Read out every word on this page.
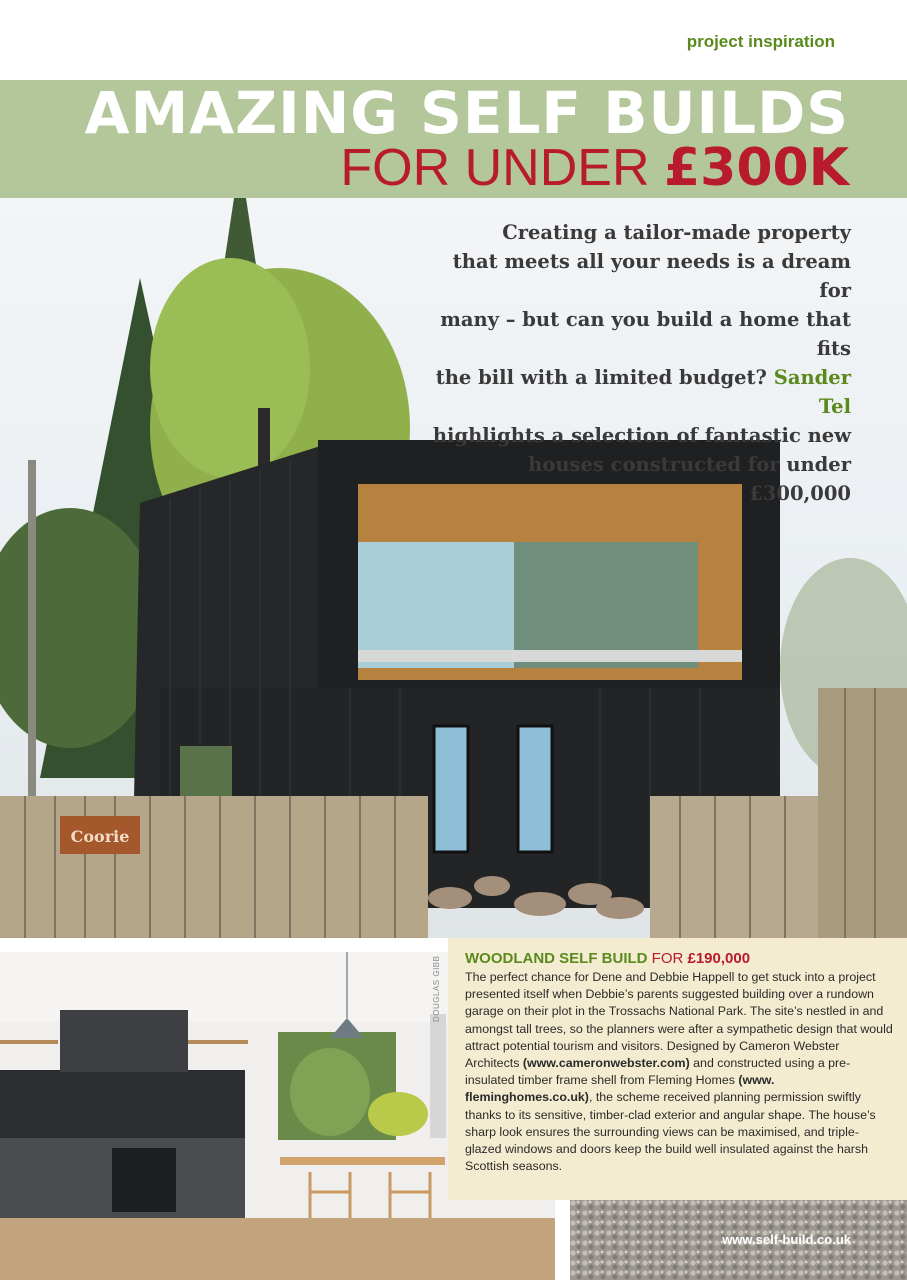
project inspiration
AMAZING SELF BUILDS
FOR UNDER £300K
Coorie
Creating a tailor-made property
that meets all your needs is a dream for
many – but can you build a home that fits
the bill with a limited budget? Sander Tel
highlights a selection of fantastic new
houses constructed for under £300,000
DOUGLAS GIBB	WOODLAND SELF BUILD FOR £190,000
The perfect chance for Dene and Debbie Happell to get stuck into a project presented itself when Debbie’s parents suggested building over a rundown garage on their plot in the Trossachs National Park. The site’s nestled in and amongst tall trees, so the planners were after a sympathetic design that would attract potential tourism and visitors. Designed by Cameron Webster Architects (www.cameronwebster.com) and constructed using a pre-insulated timber frame shell from Fleming Homes (www. fleminghomes.co.uk), the scheme received planning permission swiftly thanks to its sensitive, timber-clad exterior and angular shape. The house’s sharp look ensures the surrounding views can be maximised, and triple-glazed windows and doors keep the build well insulated against the harsh Scottish seasons.
www.self-build.co.uk
